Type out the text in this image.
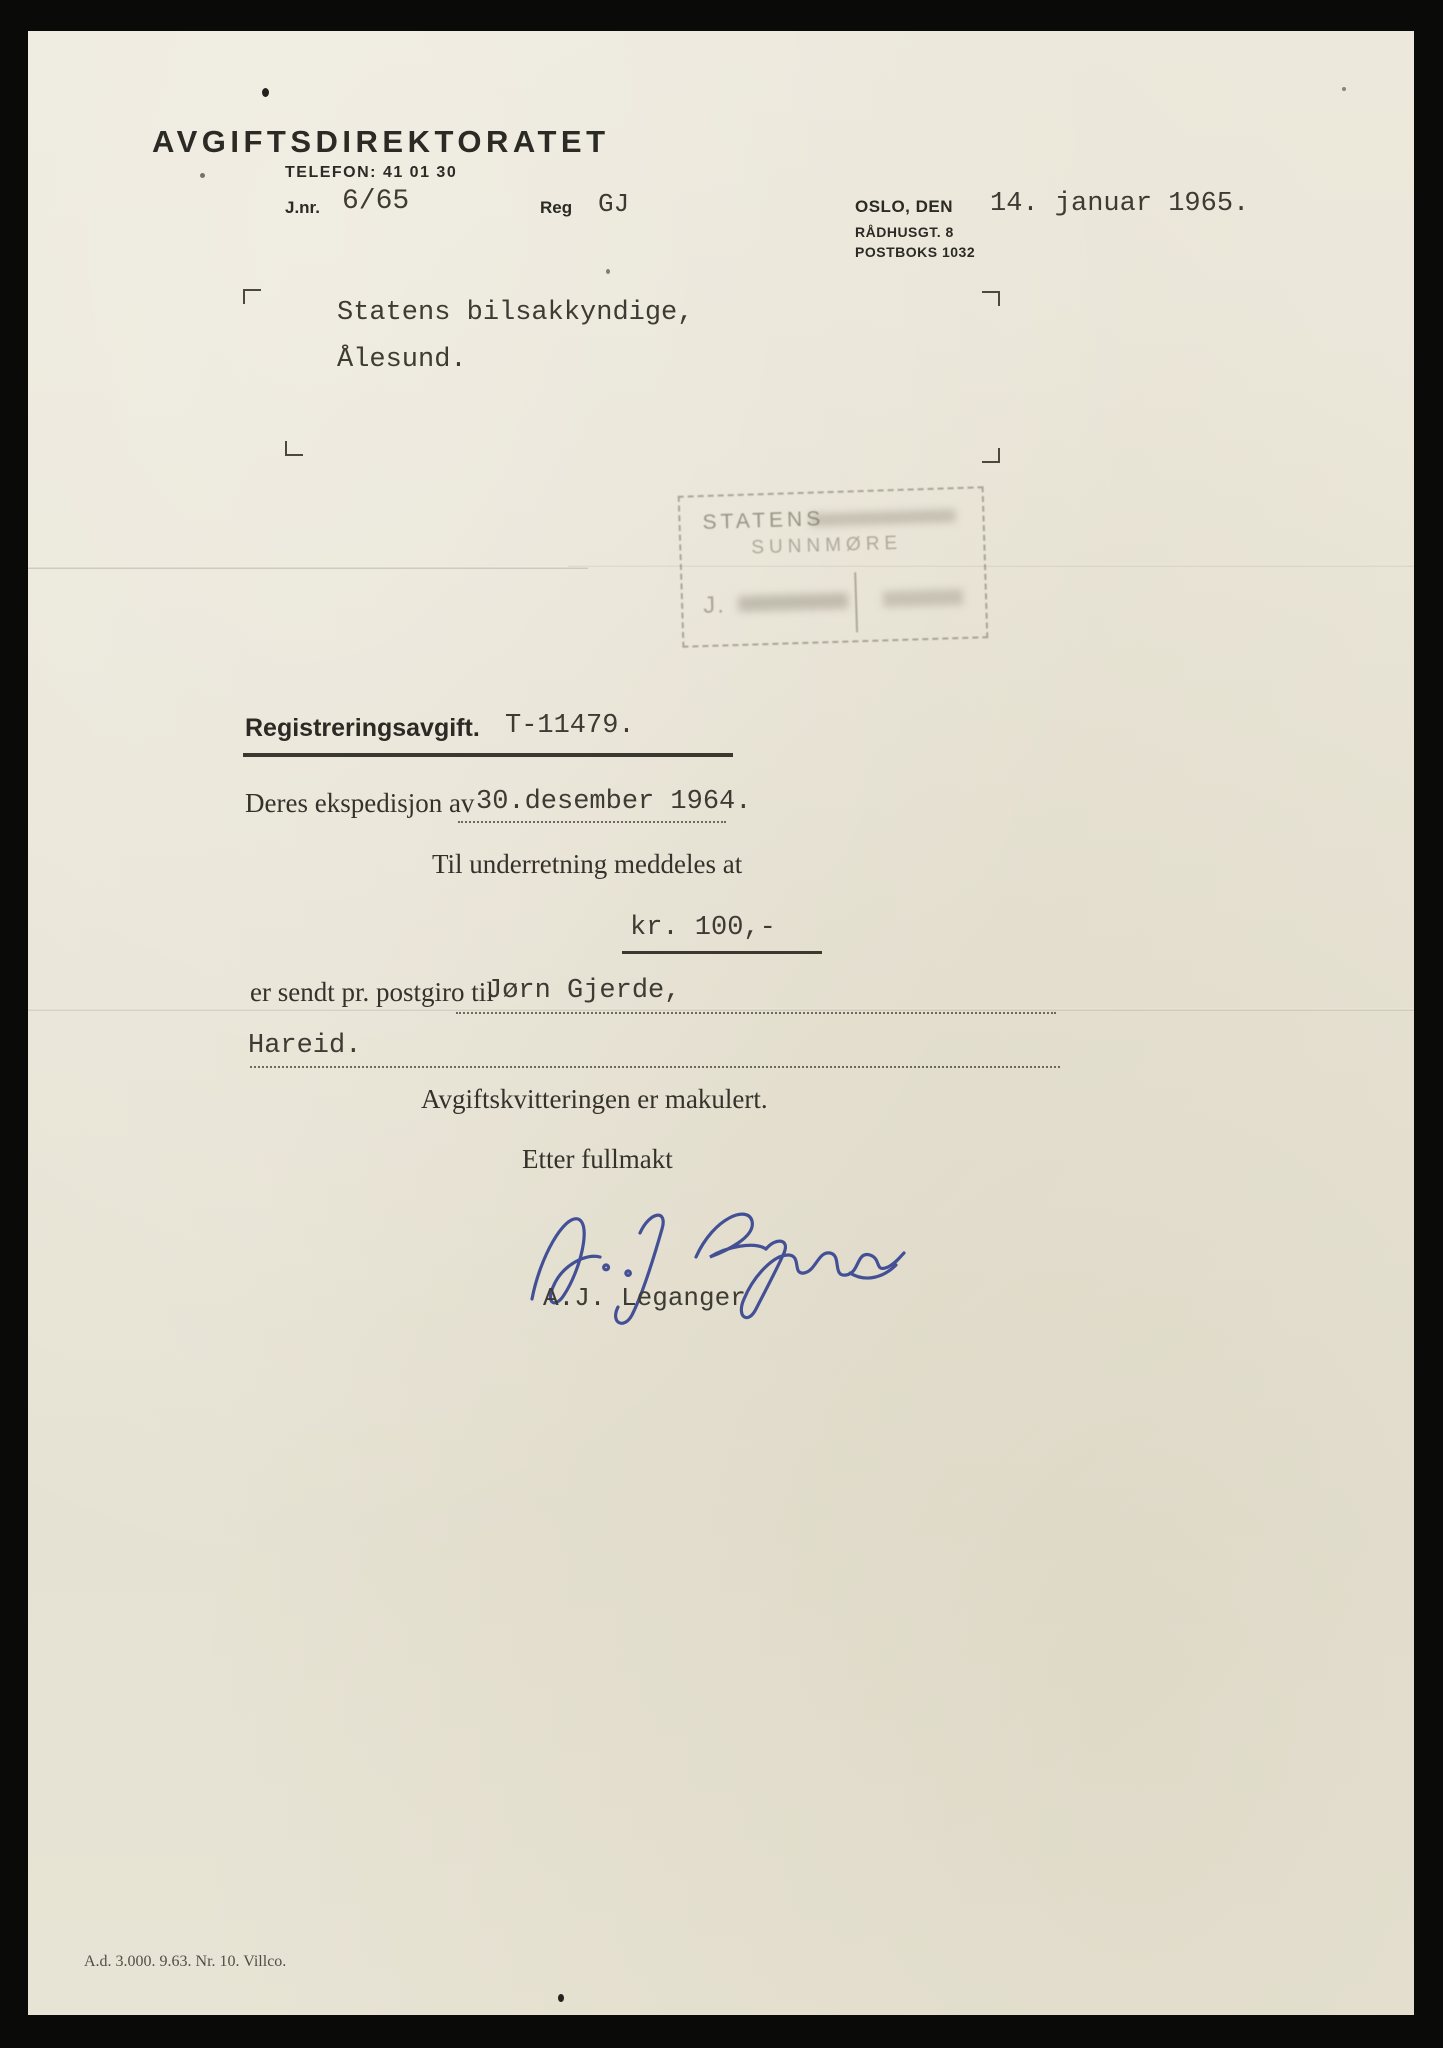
AVGIFTSDIREKTORATET
TELEFON: 41 01 30
J.nr. 6/65	Reg GJ	OSLO, DEN 14. januar 1965.
RÅDHUSGT. 8
POSTBOKS 1032
Statens bilsakkyndige,
Ålesund.
STATENS
SUNNMØRE
J.
Registreringsavgift. T-11479.
Deres ekspedisjon av 30.desember 1964.
Til underretning meddeles at
kr. 100,-
er sendt pr. postgiro til
Jørn Gjerde,
Hareid.
Avgiftskvitteringen er makulert.
Etter fullmakt
A.J. Leganger
A.d. 3.000. 9.63. Nr. 10. Villco.
